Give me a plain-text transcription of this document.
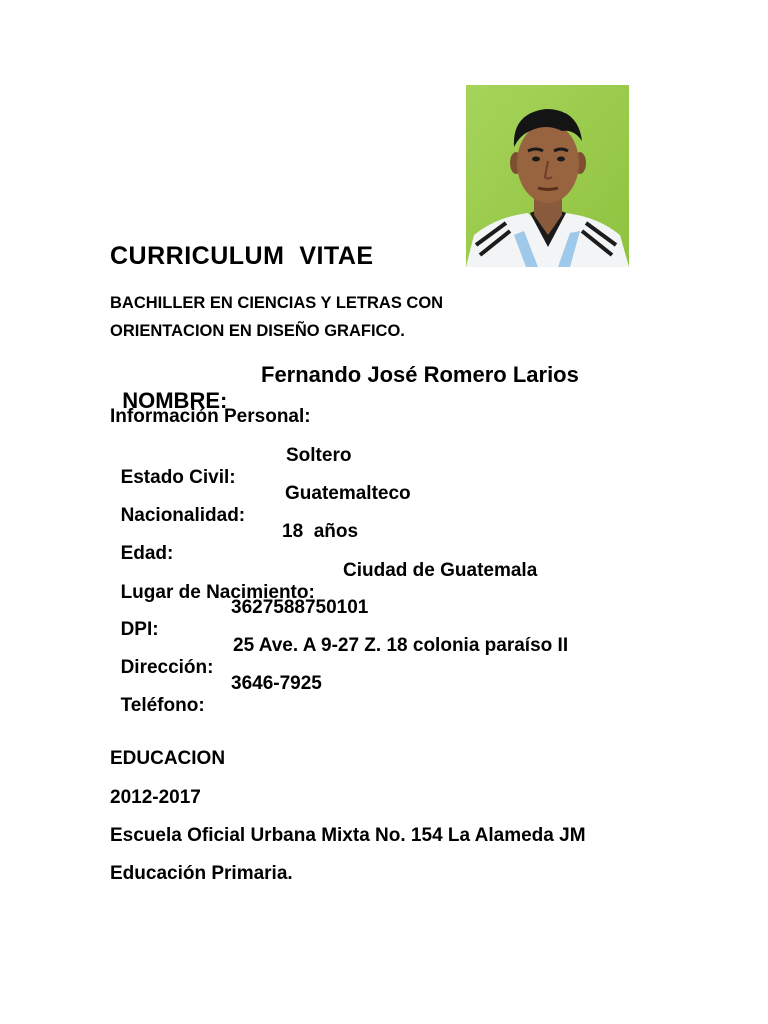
CURRICULUM  VITAE

BACHILLER EN CIENCIAS Y LETRAS CON

ORIENTACION EN DISEÑO GRAFICO.

NOMBRE:
Fernando José Romero Larios

Información Personal:

Estado Civil:
Soltero

Nacionalidad:
Guatemalteco

Edad:
18  años

Lugar de Nacimiento:
Ciudad de Guatemala

DPI:
3627588750101

Dirección:
25 Ave. A 9-27 Z. 18 colonia paraíso II

Teléfono:
3646-7925

EDUCACION
2012-2017
Escuela Oficial Urbana Mixta No. 154 La Alameda JM
Educación Primaria.
